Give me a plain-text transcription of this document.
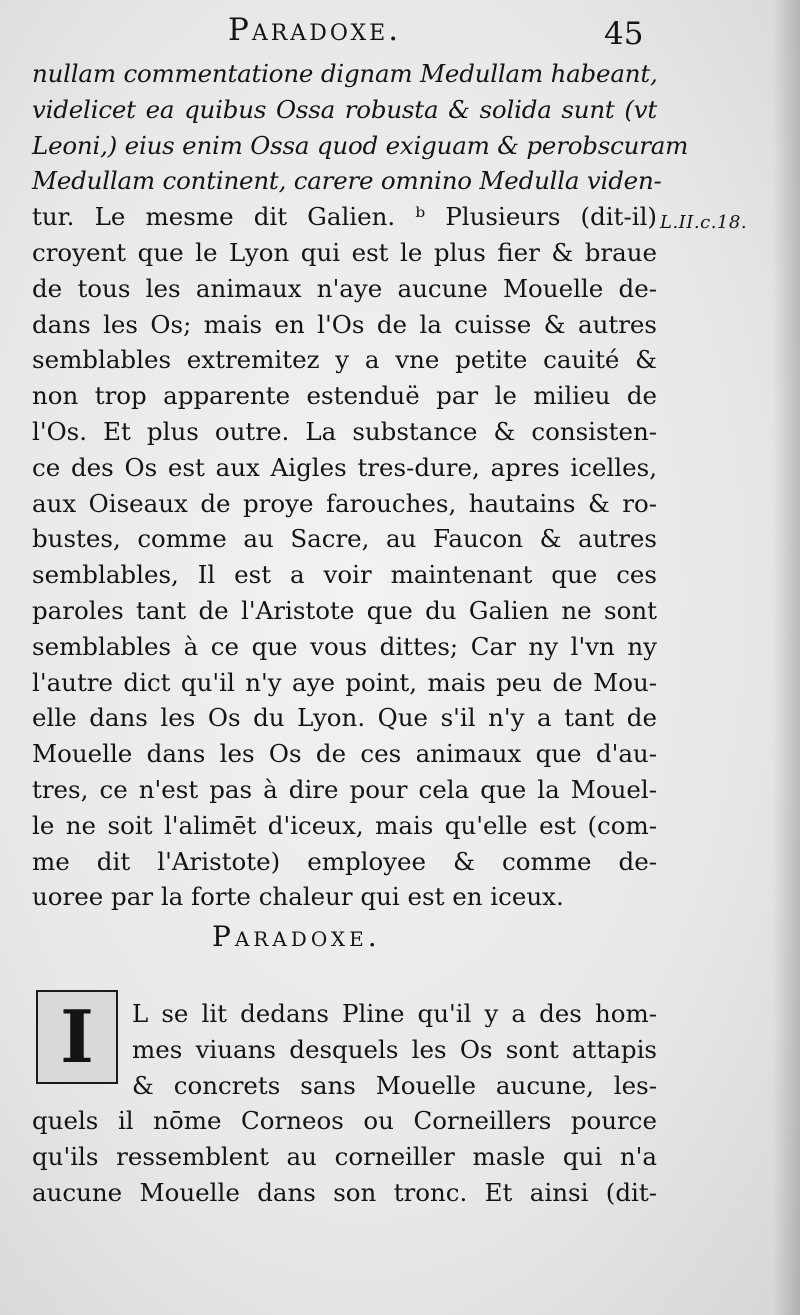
Paradoxe.	45
L.II.c.18.
nullam commentatione dignam Medullam habeant,
videlicet ea quibus Ossa robusta & solida sunt (vt
Leoni,) eius enim Ossa quod exiguam & perobscuram
Medullam continent, carere omnino Medulla viden-
tur. Le mesme dit Galien. ᵇ Plusieurs (dit-il)
croyent que le Lyon qui est le plus fier & braue
de tous les animaux n'aye aucune Mouelle de-
dans les Os; mais en l'Os de la cuisse & autres
semblables extremitez y a vne petite cauité &
non trop apparente estenduë par le milieu de
l'Os. Et plus outre. La substance & consisten-
ce des Os est aux Aigles tres-dure, apres icelles,
aux Oiseaux de proye farouches, hautains & ro-
bustes, comme au Sacre, au Faucon & autres
semblables, Il est a voir maintenant que ces
paroles tant de l'Aristote que du Galien ne sont
semblables à ce que vous dittes; Car ny l'vn ny
l'autre dict qu'il n'y aye point, mais peu de Mou-
elle dans les Os du Lyon. Que s'il n'y a tant de
Mouelle dans les Os de ces animaux que d'au-
tres, ce n'est pas à dire pour cela que la Mouel-
le ne soit l'alimēt d'iceux, mais qu'elle est (com-
me dit l'Aristote) employee & comme de-
uoree par la forte chaleur qui est en iceux.
Paradoxe.
I	L se lit dedans Pline qu'il y a des hom-
mes viuans desquels les Os sont attapis
& concrets sans Mouelle aucune, les-
quels il nōme Corneos ou Corneillers pource
qu'ils ressemblent au corneiller masle qui n'a
aucune Mouelle dans son tronc. Et ainsi (dit-
